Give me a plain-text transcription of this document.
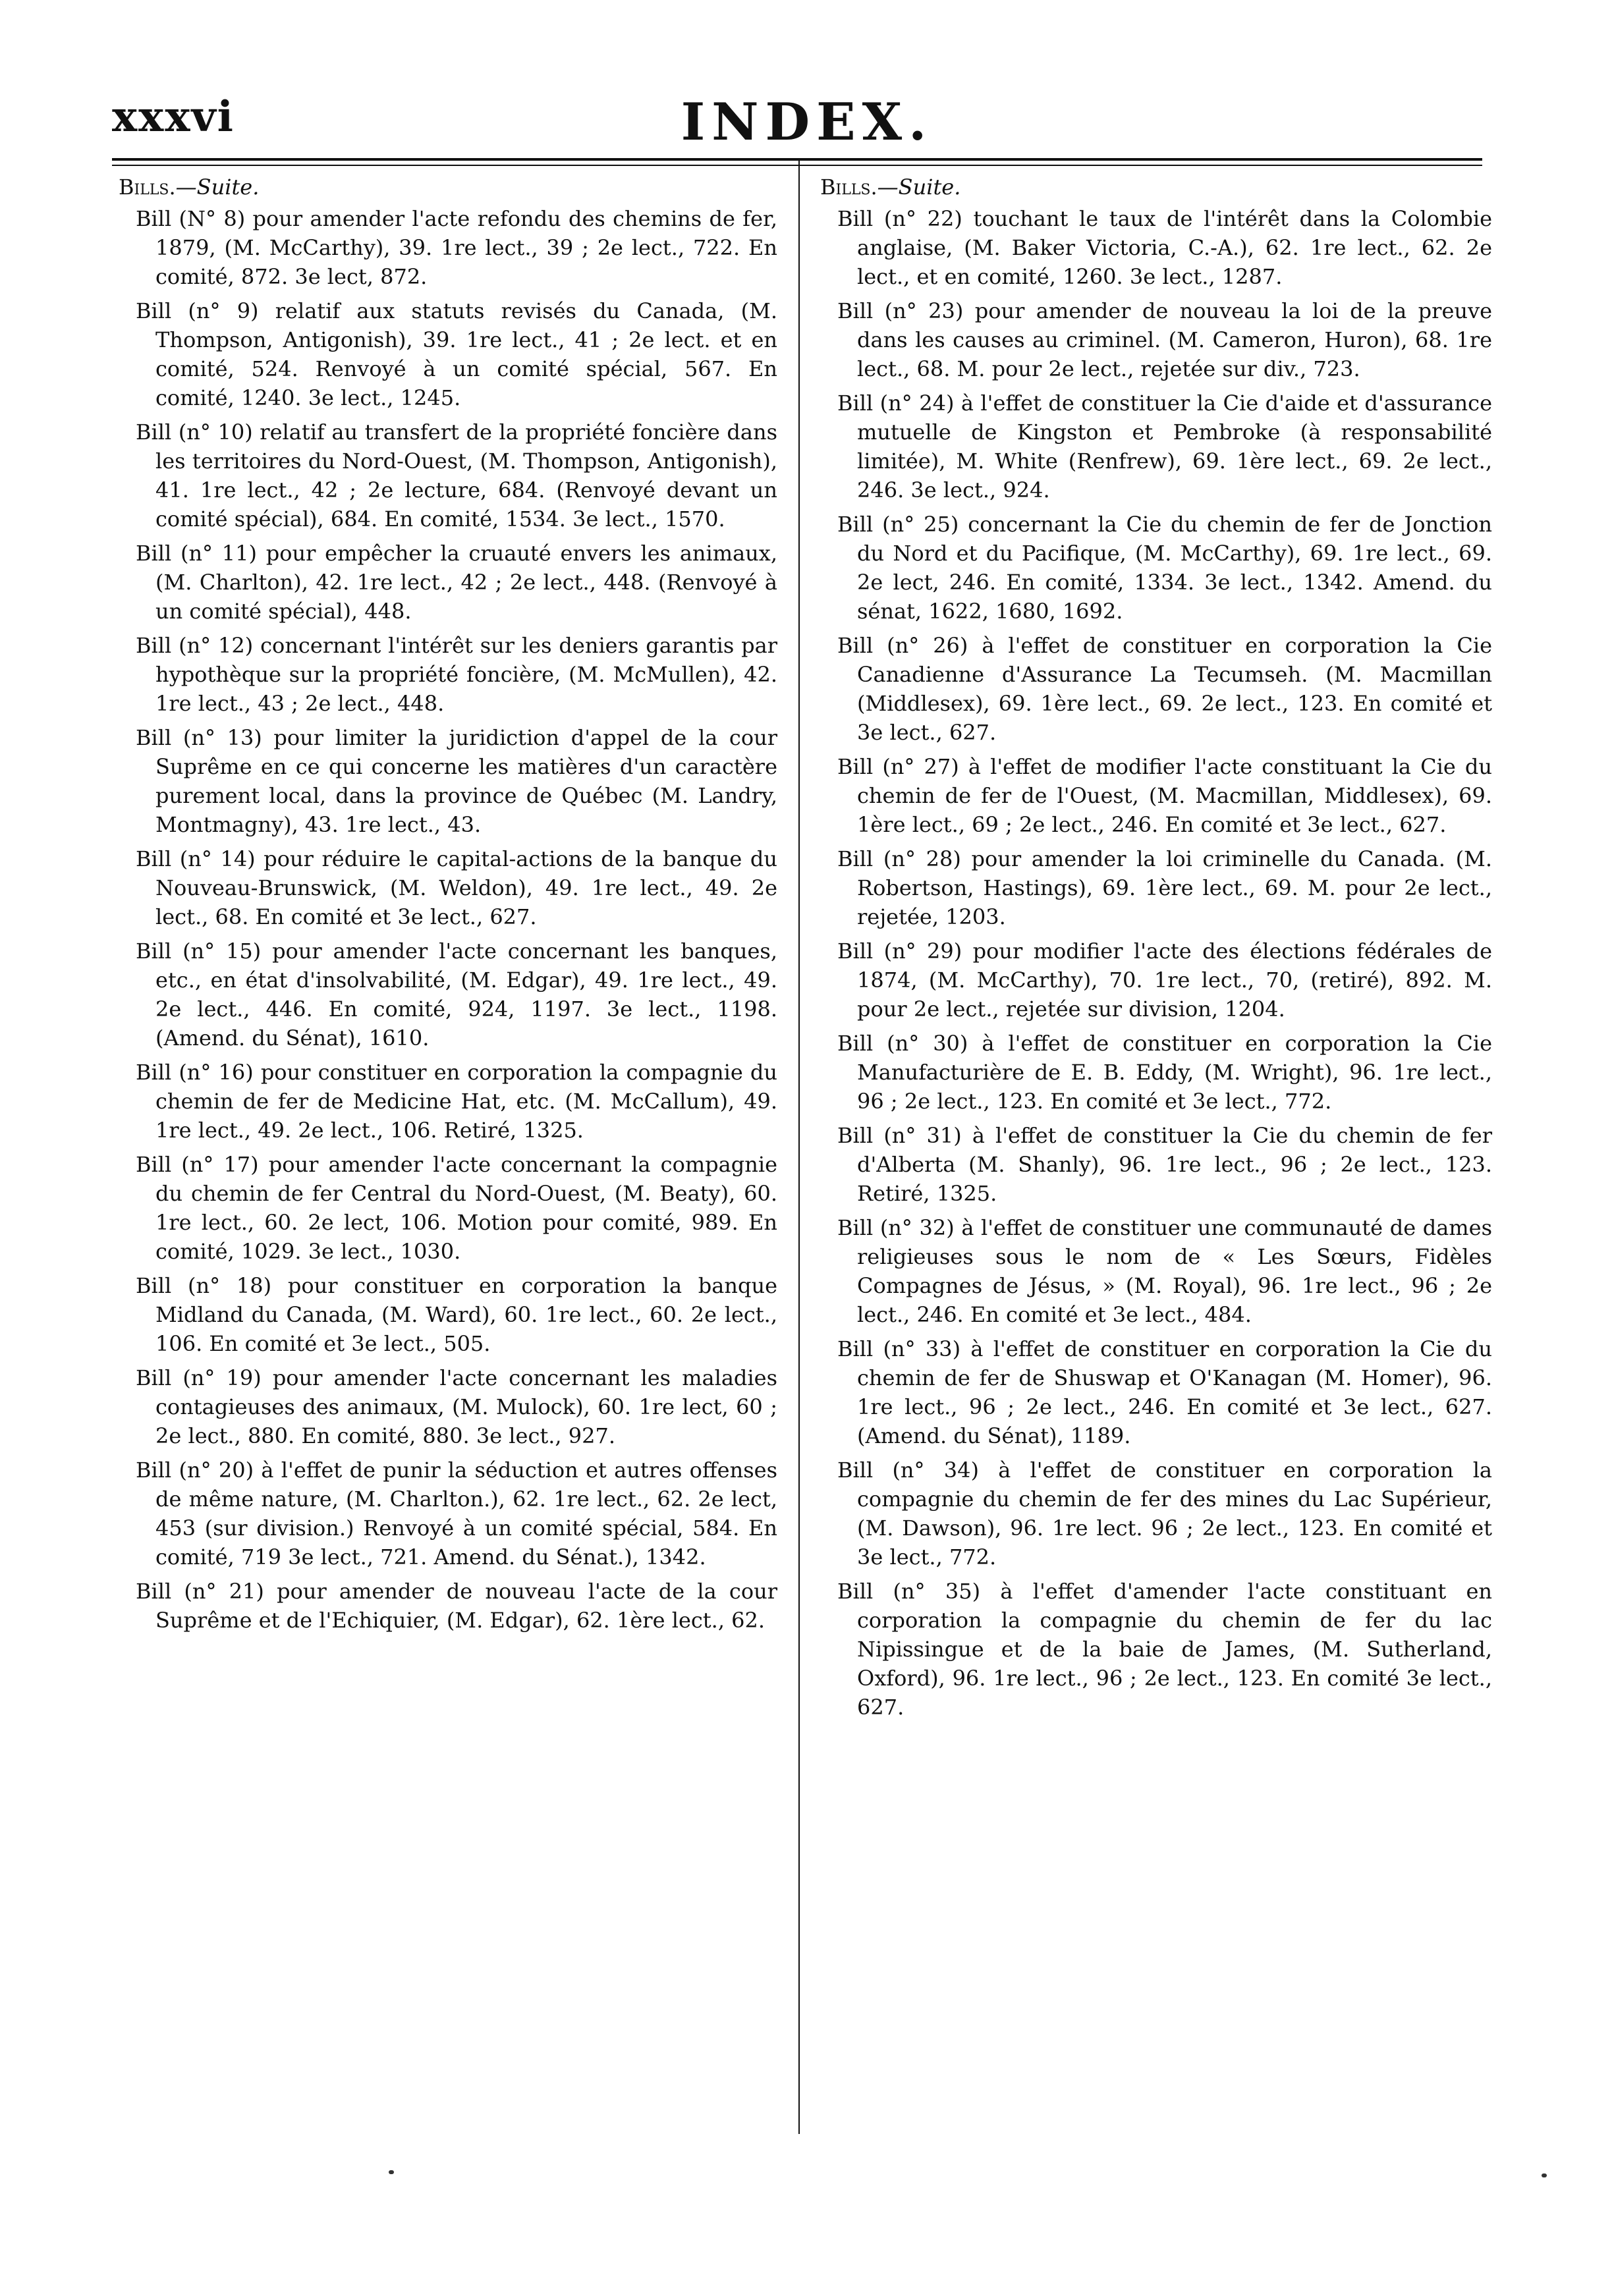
xxxvi	INDEX.
Bills.—Suite.

Bill (N° 8) pour amender l'acte refondu des chemins de fer, 1879, (M. McCarthy), 39. 1re lect., 39 ; 2e lect., 722. En comité, 872. 3e lect, 872.

Bill (n° 9) relatif aux statuts revisés du Canada, (M. Thompson, Antigonish), 39. 1re lect., 41 ; 2e lect. et en comité, 524. Renvoyé à un comité spécial, 567. En comité, 1240. 3e lect., 1245.

Bill (n° 10) relatif au transfert de la propriété foncière dans les territoires du Nord-Ouest, (M. Thompson, Antigonish), 41. 1re lect., 42 ; 2e lecture, 684. (Renvoyé devant un comité spécial), 684. En comité, 1534. 3e lect., 1570.

Bill (n° 11) pour empêcher la cruauté envers les animaux, (M. Charlton), 42. 1re lect., 42 ; 2e lect., 448. (Renvoyé à un comité spécial), 448.

Bill (n° 12) concernant l'intérêt sur les deniers garantis par hypothèque sur la propriété foncière, (M. McMullen), 42. 1re lect., 43 ; 2e lect., 448.

Bill (n° 13) pour limiter la juridiction d'appel de la cour Suprême en ce qui concerne les matières d'un caractère purement local, dans la province de Québec (M. Landry, Montmagny), 43. 1re lect., 43.

Bill (n° 14) pour réduire le capital-actions de la banque du Nouveau-Brunswick, (M. Weldon), 49. 1re lect., 49. 2e lect., 68. En comité et 3e lect., 627.

Bill (n° 15) pour amender l'acte concernant les banques, etc., en état d'insolvabilité, (M. Edgar), 49. 1re lect., 49. 2e lect., 446. En comité, 924, 1197. 3e lect., 1198. (Amend. du Sénat), 1610.

Bill (n° 16) pour constituer en corporation la compagnie du chemin de fer de Medicine Hat, etc. (M. McCallum), 49. 1re lect., 49. 2e lect., 106. Retiré, 1325.

Bill (n° 17) pour amender l'acte concernant la compagnie du chemin de fer Central du Nord-Ouest, (M. Beaty), 60. 1re lect., 60. 2e lect, 106. Motion pour comité, 989. En comité, 1029. 3e lect., 1030.

Bill (n° 18) pour constituer en corporation la banque Midland du Canada, (M. Ward), 60. 1re lect., 60. 2e lect., 106. En comité et 3e lect., 505.

Bill (n° 19) pour amender l'acte concernant les maladies contagieuses des animaux, (M. Mulock), 60. 1re lect, 60 ; 2e lect., 880. En comité, 880. 3e lect., 927.

Bill (n° 20) à l'effet de punir la séduction et autres offenses de même nature, (M. Charlton.), 62. 1re lect., 62. 2e lect, 453 (sur division.) Renvoyé à un comité spécial, 584. En comité, 719 3e lect., 721. Amend. du Sénat.), 1342.

Bill (n° 21) pour amender de nouveau l'acte de la cour Suprême et de l'Echiquier, (M. Edgar), 62. 1ère lect., 62.

Bills.—Suite.

Bill (n° 22) touchant le taux de l'intérêt dans la Colombie anglaise, (M. Baker Victoria, C.-A.), 62. 1re lect., 62. 2e lect., et en comité, 1260. 3e lect., 1287.

Bill (n° 23) pour amender de nouveau la loi de la preuve dans les causes au criminel. (M. Cameron, Huron), 68. 1re lect., 68. M. pour 2e lect., rejetée sur div., 723.

Bill (n° 24) à l'effet de constituer la Cie d'aide et d'assurance mutuelle de Kingston et Pembroke (à responsabilité limitée), M. White (Renfrew), 69. 1ère lect., 69. 2e lect., 246. 3e lect., 924.

Bill (n° 25) concernant la Cie du chemin de fer de Jonction du Nord et du Pacifique, (M. McCarthy), 69. 1re lect., 69. 2e lect, 246. En comité, 1334. 3e lect., 1342. Amend. du sénat, 1622, 1680, 1692.

Bill (n° 26) à l'effet de constituer en corporation la Cie Canadienne d'Assurance La Tecumseh. (M. Macmillan (Middlesex), 69. 1ère lect., 69. 2e lect., 123. En comité et 3e lect., 627.

Bill (n° 27) à l'effet de modifier l'acte constituant la Cie du chemin de fer de l'Ouest, (M. Macmillan, Middlesex), 69. 1ère lect., 69 ; 2e lect., 246. En comité et 3e lect., 627.

Bill (n° 28) pour amender la loi criminelle du Canada. (M. Robertson, Hastings), 69. 1ère lect., 69. M. pour 2e lect., rejetée, 1203.

Bill (n° 29) pour modifier l'acte des élections fédérales de 1874, (M. McCarthy), 70. 1re lect., 70, (retiré), 892. M. pour 2e lect., rejetée sur division, 1204.

Bill (n° 30) à l'effet de constituer en corporation la Cie Manufacturière de E. B. Eddy, (M. Wright), 96. 1re lect., 96 ; 2e lect., 123. En comité et 3e lect., 772.

Bill (n° 31) à l'effet de constituer la Cie du chemin de fer d'Alberta (M. Shanly), 96. 1re lect., 96 ; 2e lect., 123. Retiré, 1325.

Bill (n° 32) à l'effet de constituer une communauté de dames religieuses sous le nom de « Les Sœurs, Fidèles Compagnes de Jésus, » (M. Royal), 96. 1re lect., 96 ; 2e lect., 246. En comité et 3e lect., 484.

Bill (n° 33) à l'effet de constituer en corporation la Cie du chemin de fer de Shuswap et O'Kanagan (M. Homer), 96. 1re lect., 96 ; 2e lect., 246. En comité et 3e lect., 627. (Amend. du Sénat), 1189.

Bill (n° 34) à l'effet de constituer en corporation la compagnie du chemin de fer des mines du Lac Supérieur, (M. Dawson), 96. 1re lect. 96 ; 2e lect., 123. En comité et 3e lect., 772.

Bill (n° 35) à l'effet d'amender l'acte constituant en corporation la compagnie du chemin de fer du lac Nipissingue et de la baie de James, (M. Sutherland, Oxford), 96. 1re lect., 96 ; 2e lect., 123. En comité 3e lect., 627.
